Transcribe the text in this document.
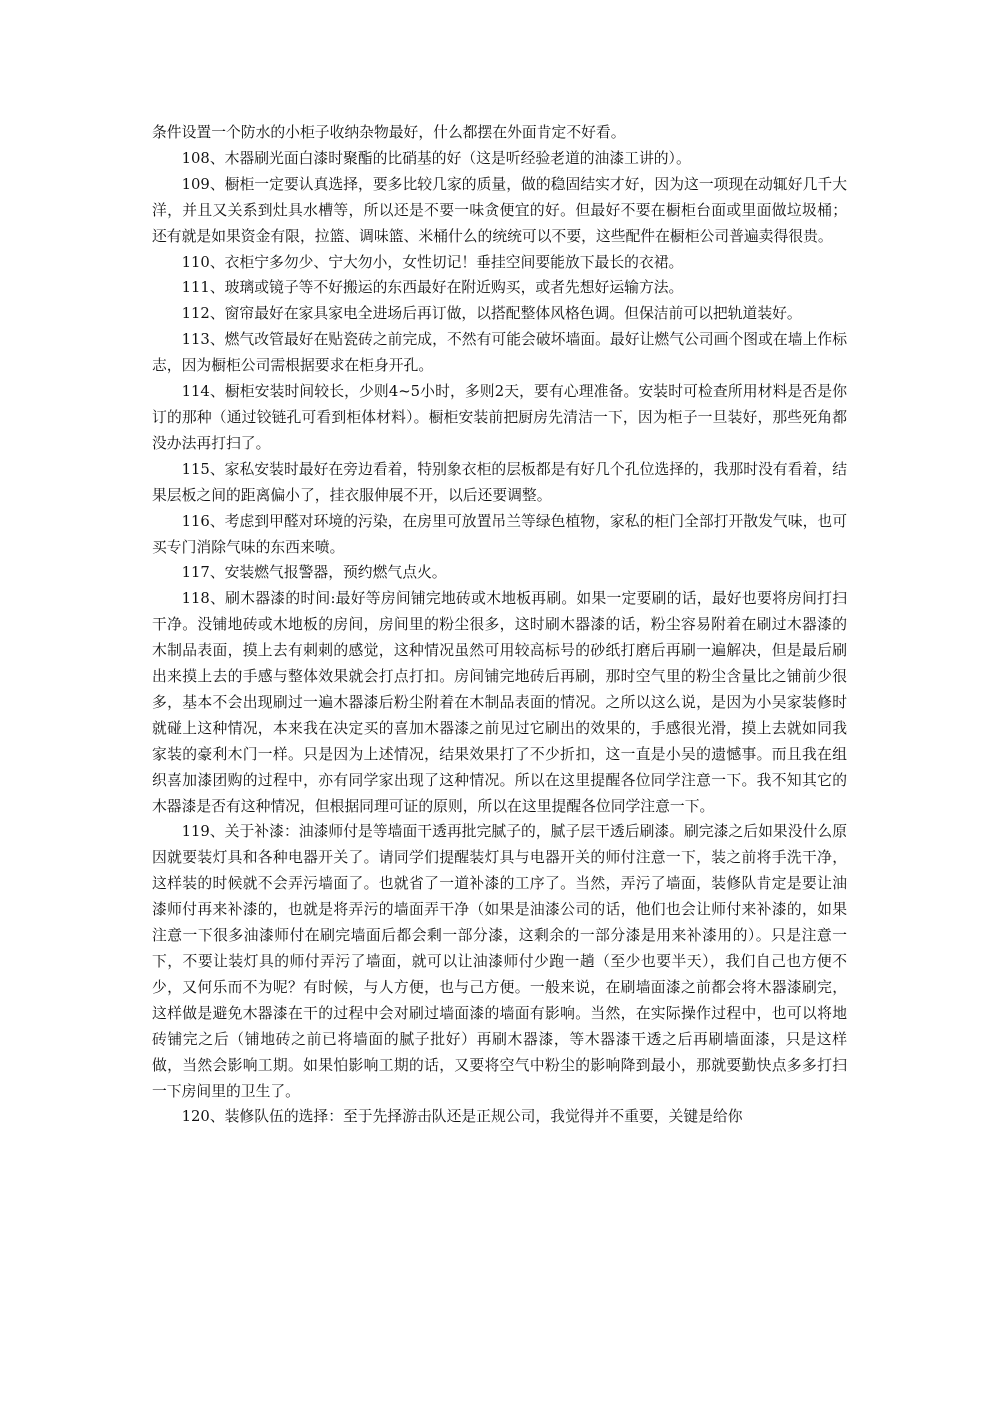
条件设置一个防水的小柜子收纳杂物最好，什么都摆在外面肯定不好看。

108、木器刷光面白漆时聚酯的比硝基的好（这是听经验老道的油漆工讲的）。

109、橱柜一定要认真选择，要多比较几家的质量，做的稳固结实才好，因为这一项现在动辄好几千大洋，并且又关系到灶具水槽等，所以还是不要一味贪便宜的好。但最好不要在橱柜台面或里面做垃圾桶；还有就是如果资金有限，拉篮、调味篮、米桶什么的统统可以不要，这些配件在橱柜公司普遍卖得很贵。

110、衣柜宁多勿少、宁大勿小，女性切记！垂挂空间要能放下最长的衣裙。

111、玻璃或镜子等不好搬运的东西最好在附近购买，或者先想好运输方法。

112、窗帘最好在家具家电全进场后再订做，以搭配整体风格色调。但保洁前可以把轨道装好。

113、燃气改管最好在贴瓷砖之前完成，不然有可能会破坏墙面。最好让燃气公司画个图或在墙上作标志，因为橱柜公司需根据要求在柜身开孔。

114、橱柜安装时间较长，少则4~5小时，多则2天，要有心理准备。安装时可检查所用材料是否是你订的那种（通过铰链孔可看到柜体材料）。橱柜安装前把厨房先清洁一下，因为柜子一旦装好，那些死角都没办法再打扫了。

115、家私安装时最好在旁边看着，特别象衣柜的层板都是有好几个孔位选择的，我那时没有看着，结果层板之间的距离偏小了，挂衣服伸展不开，以后还要调整。

116、考虑到甲醛对环境的污染，在房里可放置吊兰等绿色植物，家私的柜门全部打开散发气味，也可买专门消除气味的东西来喷。

117、安装燃气报警器，预约燃气点火。

118、刷木器漆的时间:最好等房间铺完地砖或木地板再刷。如果一定要刷的话，最好也要将房间打扫干净。没铺地砖或木地板的房间，房间里的粉尘很多，这时刷木器漆的话，粉尘容易附着在刷过木器漆的木制品表面，摸上去有刺刺的感觉，这种情况虽然可用较高标号的砂纸打磨后再刷一遍解决，但是最后刷出来摸上去的手感与整体效果就会打点打扣。房间铺完地砖后再刷，那时空气里的粉尘含量比之铺前少很多，基本不会出现刷过一遍木器漆后粉尘附着在木制品表面的情况。之所以这么说，是因为小吴家装修时就碰上这种情况，本来我在决定买的喜加木器漆之前见过它刷出的效果的，手感很光滑，摸上去就如同我家装的豪利木门一样。只是因为上述情况，结果效果打了不少折扣，这一直是小吴的遗憾事。而且我在组织喜加漆团购的过程中，亦有同学家出现了这种情况。所以在这里提醒各位同学注意一下。我不知其它的木器漆是否有这种情况，但根据同理可证的原则，所以在这里提醒各位同学注意一下。

119、关于补漆：油漆师付是等墙面干透再批完腻子的，腻子层干透后刷漆。刷完漆之后如果没什么原因就要装灯具和各种电器开关了。请同学们提醒装灯具与电器开关的师付注意一下，装之前将手洗干净，这样装的时候就不会弄污墙面了。也就省了一道补漆的工序了。当然，弄污了墙面，装修队肯定是要让油漆师付再来补漆的，也就是将弄污的墙面弄干净（如果是油漆公司的话，他们也会让师付来补漆的，如果注意一下很多油漆师付在刷完墙面后都会剩一部分漆，这剩余的一部分漆是用来补漆用的）。只是注意一下，不要让装灯具的师付弄污了墙面，就可以让油漆师付少跑一趟（至少也要半天），我们自己也方便不少，又何乐而不为呢？有时候，与人方便，也与己方便。一般来说，在刷墙面漆之前都会将木器漆刷完，这样做是避免木器漆在干的过程中会对刷过墙面漆的墙面有影响。当然，在实际操作过程中，也可以将地砖铺完之后（铺地砖之前已将墙面的腻子批好）再刷木器漆，等木器漆干透之后再刷墙面漆，只是这样做，当然会影响工期。如果怕影响工期的话，又要将空气中粉尘的影响降到最小，那就要勤快点多多打扫一下房间里的卫生了。

120、装修队伍的选择：至于先择游击队还是正规公司，我觉得并不重要，关键是给你
